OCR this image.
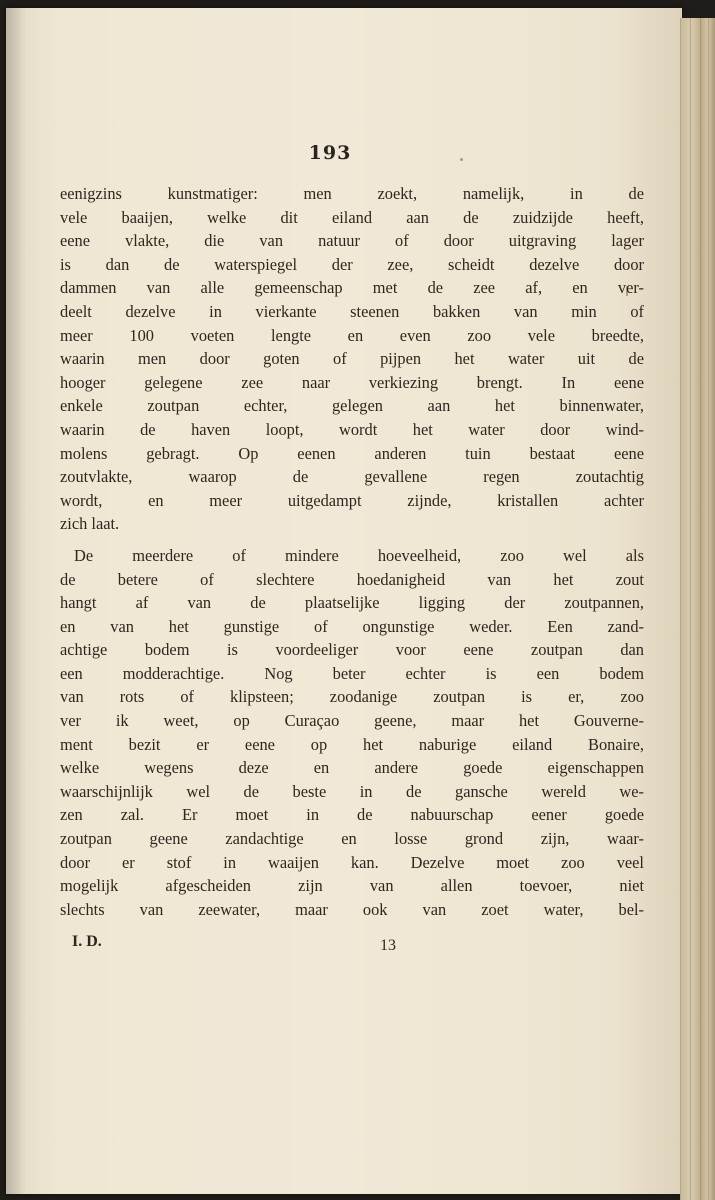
193
eenigzins kunstmatiger: men zoekt, namelijk, in de
vele baaijen, welke dit eiland aan de zuidzijde heeft,
eene vlakte, die van natuur of door uitgraving lager
is dan de waterspiegel der zee, scheidt dezelve door
dammen van alle gemeenschap met de zee af, en ver-
deelt dezelve in vierkante steenen bakken van min of
meer 100 voeten lengte en even zoo vele breedte,
waarin men door goten of pijpen het water uit de
hooger gelegene zee naar verkiezing brengt. In eene
enkele zoutpan echter, gelegen aan het binnenwater,
waarin de haven loopt, wordt het water door wind-
molens gebragt. Op eenen anderen tuin bestaat eene
zoutvlakte, waarop de gevallene regen zoutachtig
wordt, en meer uitgedampt zijnde, kristallen achter
zich laat.
De meerdere of mindere hoeveelheid, zoo wel als
de betere of slechtere hoedanigheid van het zout
hangt af van de plaatselijke ligging der zoutpannen,
en van het gunstige of ongunstige weder. Een zand-
achtige bodem is voordeeliger voor eene zoutpan dan
een modderachtige. Nog beter echter is een bodem
van rots of klipsteen; zoodanige zoutpan is er, zoo
ver ik weet, op Curaçao geene, maar het Gouverne-
ment bezit er eene op het naburige eiland Bonaire,
welke wegens deze en andere goede eigenschappen
waarschijnlijk wel de beste in de gansche wereld we-
zen zal. Er moet in de nabuurschap eener goede
zoutpan geene zandachtige en losse grond zijn, waar-
door er stof in waaijen kan. Dezelve moet zoo veel
mogelijk afgescheiden zijn van allen toevoer, niet
slechts van zeewater, maar ook van zoet water, bel-
I. D.	13
